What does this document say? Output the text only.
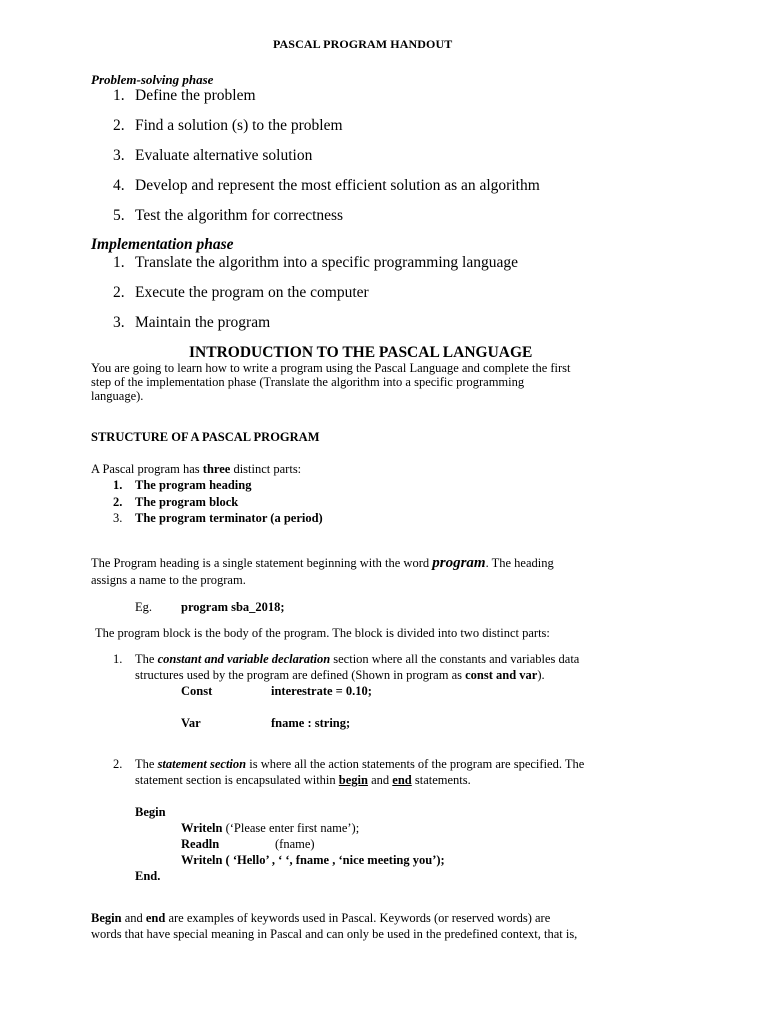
PASCAL PROGRAM HANDOUT
Problem-solving phase
1. Define the problem
2. Find a solution (s) to the problem
3. Evaluate alternative solution
4. Develop and represent the most efficient solution as an algorithm
5. Test the algorithm for correctness
Implementation phase
1. Translate the algorithm into a specific programming language
2. Execute the program on the computer
3. Maintain the program
INTRODUCTION TO THE PASCAL LANGUAGE
You are going to learn how to write a program using the Pascal Language and complete the first
step of the implementation phase (Translate the algorithm into a specific programming
language).
STRUCTURE OF A PASCAL PROGRAM
A Pascal program has three distinct parts:
1. The program heading
2. The program block
3. The program terminator (a period)
The Program heading is a single statement beginning with the word program. The heading
assigns a name to the program.
Eg. program sba_2018;
The program block is the body of the program. The block is divided into two distinct parts:
1. The constant and variable declaration section where all the constants and variables data
structures used by the program are defined (Shown in program as const and var).
Const	interestrate = 0.10;
Var	fname : string;
2. The statement section is where all the action statements of the program are specified. The
statement section is encapsulated within begin and end statements.
Begin
Writeln (‘Please enter first name’);
Readln	(fname)
Writeln ( ‘Hello’ , ‘ ‘, fname , ‘nice meeting you’);
End.
Begin and end are examples of keywords used in Pascal. Keywords (or reserved words) are
words that have special meaning in Pascal and can only be used in the predefined context, that is,
